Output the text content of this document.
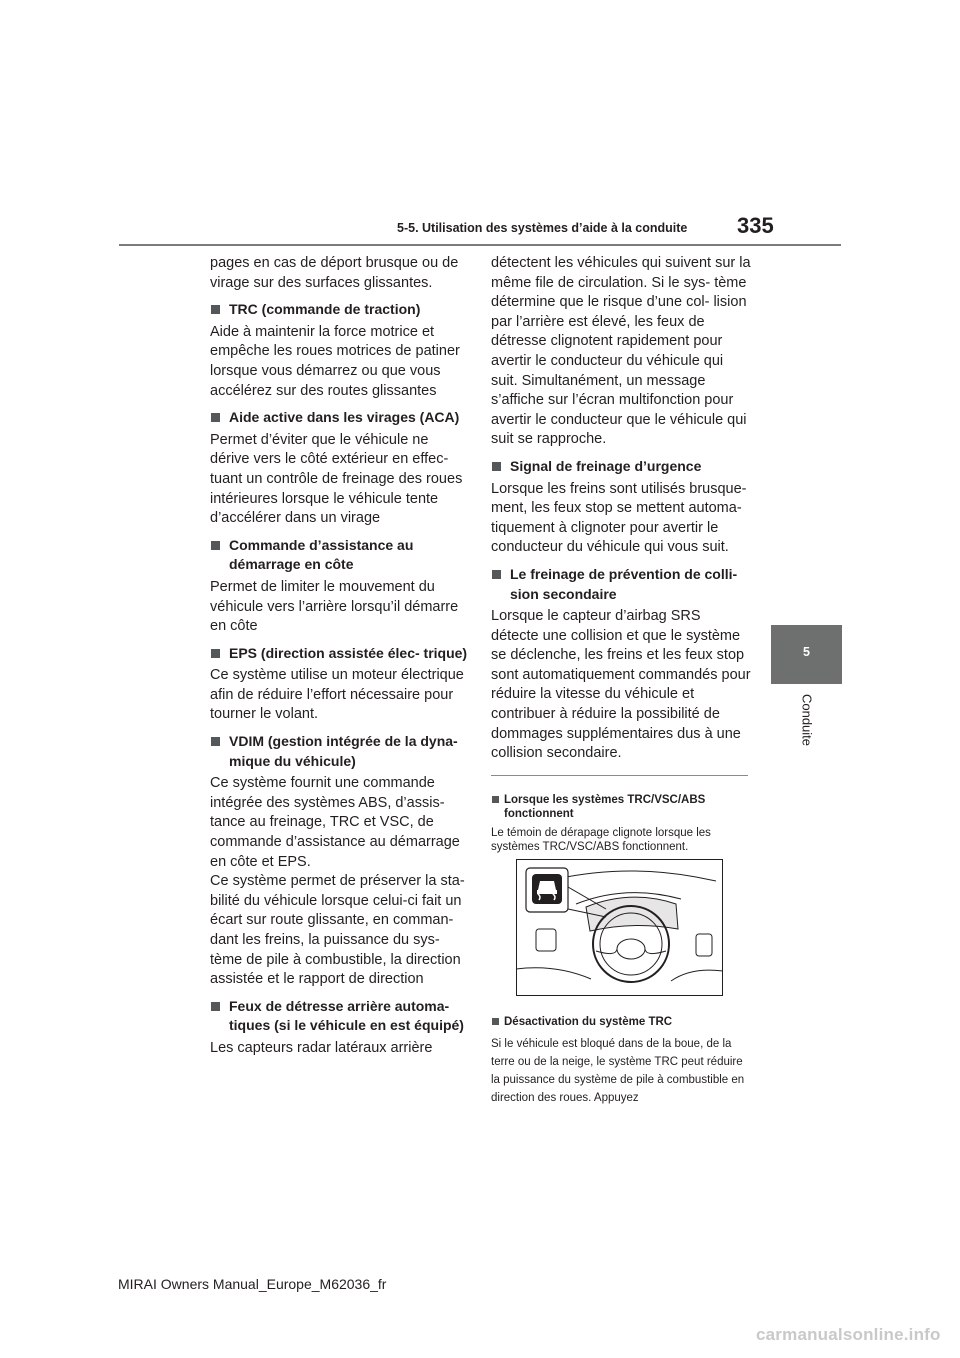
5-5. Utilisation des systèmes d’aide à la conduite 335
5
Conduite

pages en cas de déport brusque ou de virage sur des surfaces glissantes.

TRC (commande de traction)

Aide à maintenir la force motrice et empêche les roues motrices de patiner lorsque vous démarrez ou que vous accélérez sur des routes glissantes

Aide active dans les virages (ACA)

Permet d’éviter que le véhicule ne dérive vers le côté extérieur en effec- tuant un contrôle de freinage des roues intérieures lorsque le véhicule tente d’accélérer dans un virage

Commande d’assistance au démarrage en côte

Permet de limiter le mouvement du véhicule vers l’arrière lorsqu’il démarre en côte

EPS (direction assistée élec- trique)

Ce système utilise un moteur électrique afin de réduire l’effort nécessaire pour tourner le volant.

VDIM (gestion intégrée de la dyna- mique du véhicule)

Ce système fournit une commande intégrée des systèmes ABS, d’assis- tance au freinage, TRC et VSC, de commande d’assistance au démarrage en côte et EPS.

Ce système permet de préserver la sta- bilité du véhicule lorsque celui-ci fait un écart sur route glissante, en comman- dant les freins, la puissance du sys- tème de pile à combustible, la direction assistée et le rapport de direction

Feux de détresse arrière automa- tiques (si le véhicule en est équipé)

Les capteurs radar latéraux arrière

détectent les véhicules qui suivent sur la même file de circulation. Si le sys- tème détermine que le risque d’une col- lision par l’arrière est élevé, les feux de détresse clignotent rapidement pour avertir le conducteur du véhicule qui suit. Simultanément, un message s’affiche sur l’écran multifonction pour avertir le conducteur que le véhicule qui suit se rapproche.

Signal de freinage d’urgence

Lorsque les freins sont utilisés brusque- ment, les feux stop se mettent automa- tiquement à clignoter pour avertir le conducteur du véhicule qui vous suit.

Le freinage de prévention de colli- sion secondaire

Lorsque le capteur d’airbag SRS détecte une collision et que le système se déclenche, les freins et les feux stop sont automatiquement commandés pour réduire la vitesse du véhicule et contribuer à réduire la possibilité de dommages supplémentaires dus à une collision secondaire.

Lorsque les systèmes TRC/VSC/ABS fonctionnent

Le témoin de dérapage clignote lorsque les systèmes TRC/VSC/ABS fonctionnent.

Désactivation du système TRC

Si le véhicule est bloqué dans de la boue, de la terre ou de la neige, le système TRC peut réduire la puissance du système de pile à combustible en direction des roues. Appuyez

MIRAI Owners Manual_Europe_M62036_fr
carmanualsonline.info
